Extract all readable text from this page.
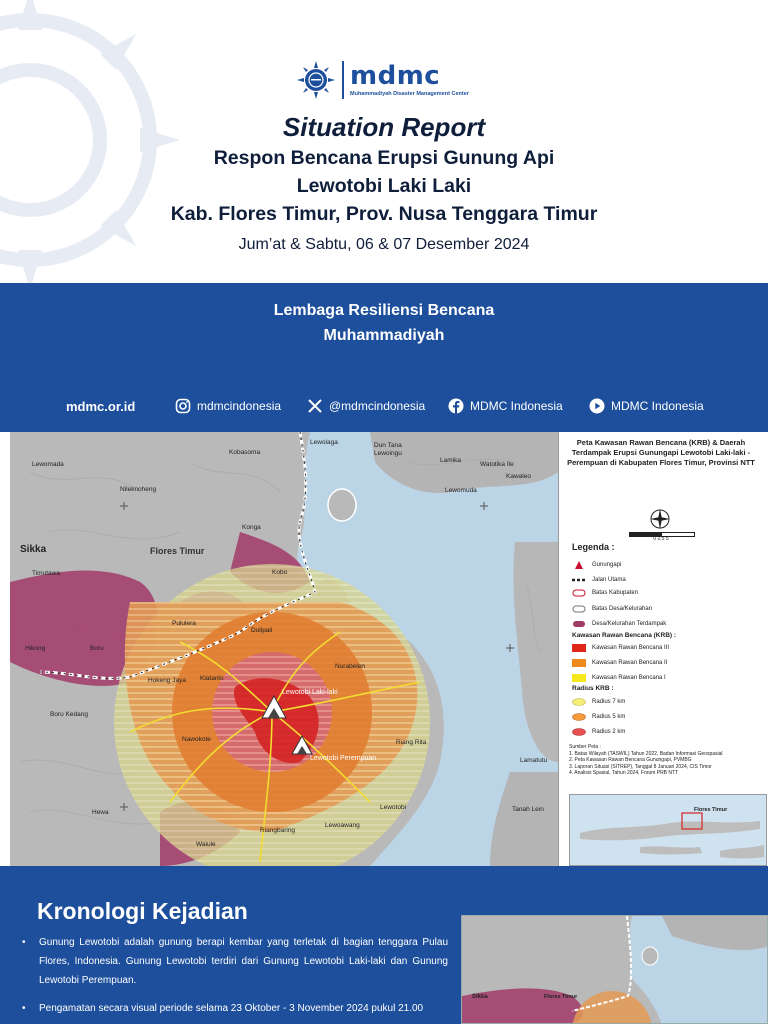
mdmc
Muhammadiyah Disaster Management Center
Situation Report
Respon Bencana Erupsi Gunung Api
Lewotobi Laki Laki
Kab. Flores Timur, Prov. Nusa Tenggara Timur
Jum’at & Sabtu, 06 & 07 Desember 2024
Lembaga Resiliensi Bencana
Muhammadiyah
mdmc.or.id	mdmcindonesia	@mdmcindonesia	MDMC Indonesia	MDMC Indonesia
Kobasoma
Lewolaga	Dun Tana
Lewoingu
Lamika
Watotika Ile
Lewomada
Kawaleo
Lewomuda
Nileknoheng
Konga
Sikka	Flores Timur
Timutawa	Kobo
Pululera
Dulipali
Hikong	Boru
Hokeng Jaya Klatanlo
Nurabelen
Boru Kedang
Lewotobi Laki-laki
Nawokote	Riang Rita
Lewotobi Perempuan	Lamatutu
Hewa
Lewotobi	Tanah Lein
Waiule
Riangbaring
Lewoawang
Peta Kawasan Rawan Bencana (KRB) & Daerah Terdampak Erupsi Gunungapi Lewotobi Laki-laki - Perempuan di Kabupaten Flores Timur, Provinsi NTT
0 2,5 5
Legenda :
Gunungapi
Jalan Utama
Batas Kabupaten
Batas Desa/Kelurahan
Desa/Kelurahan Terdampak
Kawasan Rawan Bencana (KRB) :
Kawasan Rawan Bencana III
Kawasan Rawan Bencana II
Kawasan Rawan Bencana I
Radius KRB :
Radius 7 km
Radius 5 km
Radius 2 km
Sumber Peta :
1. Batas Wilayah (TASWIL) Tahun 2022, Badan Informasi Geospasial
2. Peta Kawasan Rawan Bencana Gunungapi, PVMBG
3. Laporan Situasi (SITREP), Tanggal 8 Januari 2024, CIS Timor
4. Analisis Spasial, Tahun 2024, Forum PRB NTT
Flores Timur
Kronologi Kejadian
•	Gunung Lewotobi adalah gunung berapi kembar yang terletak di bagian tenggara Pulau Flores, Indonesia. Gunung Lewotobi terdiri dari Gunung Lewotobi Laki-laki dan Gunung Lewotobi Perempuan.
•	Pengamatan secara visual periode selama 23 Oktober - 3 November 2024 pukul 21.00
Sikka	Flores Timur
